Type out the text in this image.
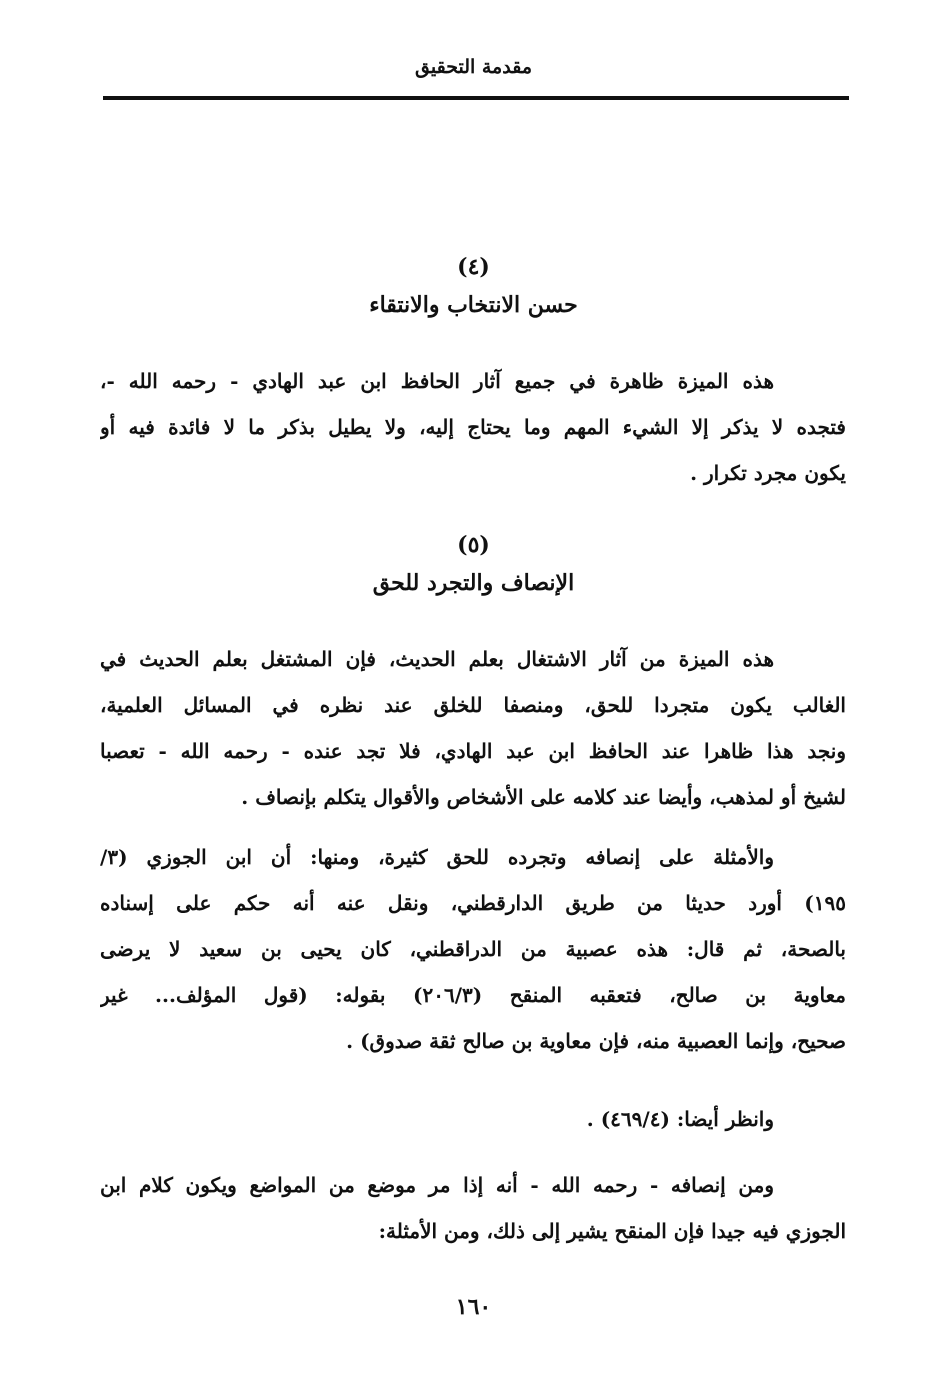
مقدمة التحقيق
(٤)
حسن الانتخاب والانتقاء
هذه الميزة ظاهرة في جميع آثار الحافظ ابن عبد الهادي - رحمه الله -،
فتجده لا يذكر إلا الشيء المهم وما يحتاج إليه، ولا يطيل بذكر ما لا فائدة فيه أو
يكون مجرد تكرار .
(٥)
الإنصاف والتجرد للحق
هذه الميزة من آثار الاشتغال بعلم الحديث، فإن المشتغل بعلم الحديث في
الغالب يكون متجردا للحق، ومنصفا للخلق عند نظره في المسائل العلمية،
ونجد هذا ظاهرا عند الحافظ ابن عبد الهادي، فلا تجد عنده - رحمه الله - تعصبا
لشيخ أو لمذهب، وأيضا عند كلامه على الأشخاص والأقوال يتكلم بإنصاف .
والأمثلة على إنصافه وتجرده للحق كثيرة، ومنها: أن ابن الجوزي (٣/
١٩٥) أورد حديثا من طريق الدارقطني، ونقل عنه أنه حكم على إسناده
بالصحة، ثم قال: هذه عصبية من الدراقطني، كان يحيى بن سعيد لا يرضى
معاوية بن صالح، فتعقبه المنقح (٢٠٦/٣) بقوله: (قول المؤلف... غير
صحيح، وإنما العصبية منه، فإن معاوية بن صالح ثقة صدوق) .
وانظر أيضا: (٤٦٩/٤) .
ومن إنصافه - رحمه الله - أنه إذا مر موضع من المواضع ويكون كلام ابن
الجوزي فيه جيدا فإن المنقح يشير إلى ذلك، ومن الأمثلة:
١٦٠
